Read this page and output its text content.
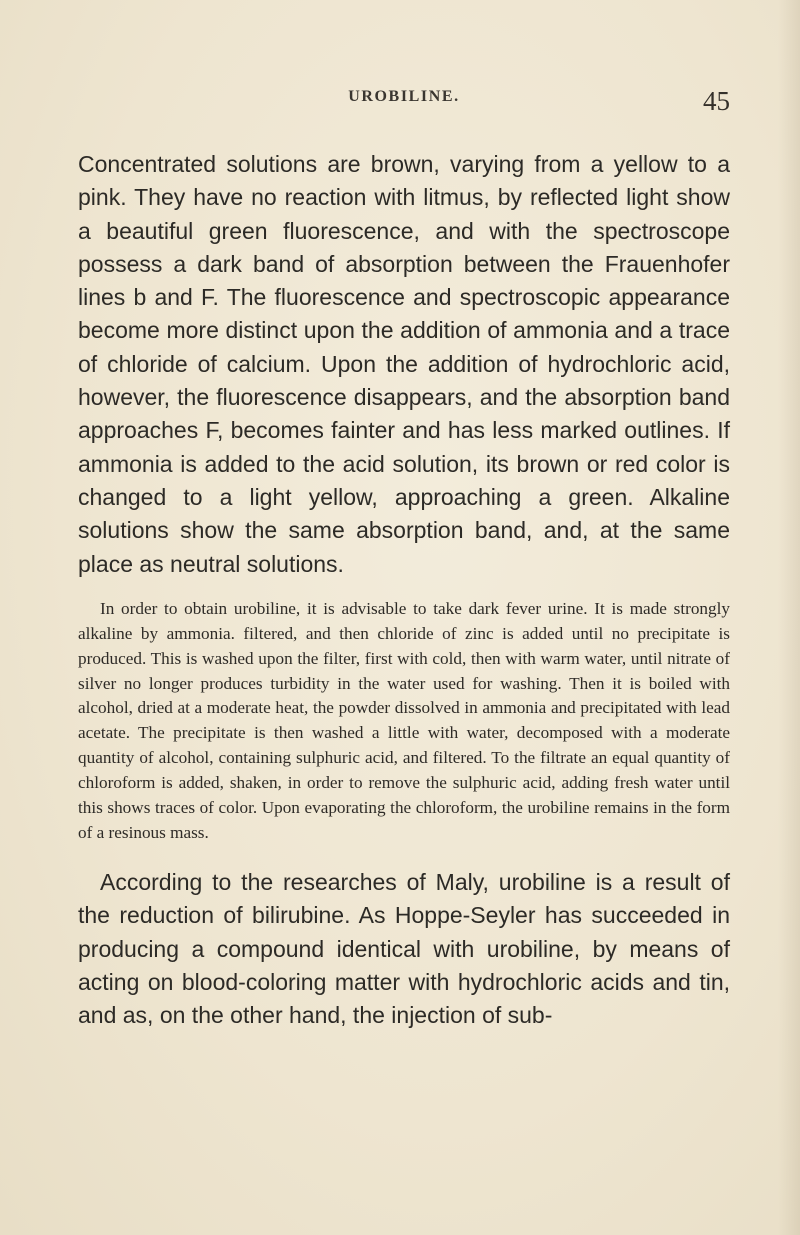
UROBILINE.	45

Concentrated solutions are brown, varying from a yellow to a pink. They have no reaction with litmus, by reflected light show a beautiful green fluorescence, and with the spectroscope possess a dark band of absorption between the Frauenhofer lines b and F. The fluorescence and spectroscopic appearance become more distinct upon the addition of ammonia and a trace of chloride of calcium. Upon the addition of hydrochloric acid, however, the fluorescence disappears, and the absorption band approaches F, becomes fainter and has less marked outlines. If ammonia is added to the acid solution, its brown or red color is changed to a light yellow, approaching a green. Alkaline solutions show the same absorption band, and, at the same place as neutral solutions.

In order to obtain urobiline, it is advisable to take dark fever urine. It is made strongly alkaline by ammonia. filtered, and then chloride of zinc is added until no precipitate is produced. This is washed upon the filter, first with cold, then with warm water, until nitrate of silver no longer produces turbidity in the water used for washing. Then it is boiled with alcohol, dried at a moderate heat, the powder dissolved in ammonia and precipitated with lead acetate. The precipitate is then washed a little with water, decomposed with a moderate quantity of alcohol, containing sulphuric acid, and filtered. To the filtrate an equal quantity of chloroform is added, shaken, in order to remove the sulphuric acid, adding fresh water until this shows traces of color. Upon evaporating the chloroform, the urobiline remains in the form of a resinous mass.

According to the researches of Maly, urobiline is a result of the reduction of bilirubine. As Hoppe-Seyler has succeeded in producing a compound identical with urobiline, by means of acting on blood-coloring matter with hydrochloric acids and tin, and as, on the other hand, the injection of sub-
